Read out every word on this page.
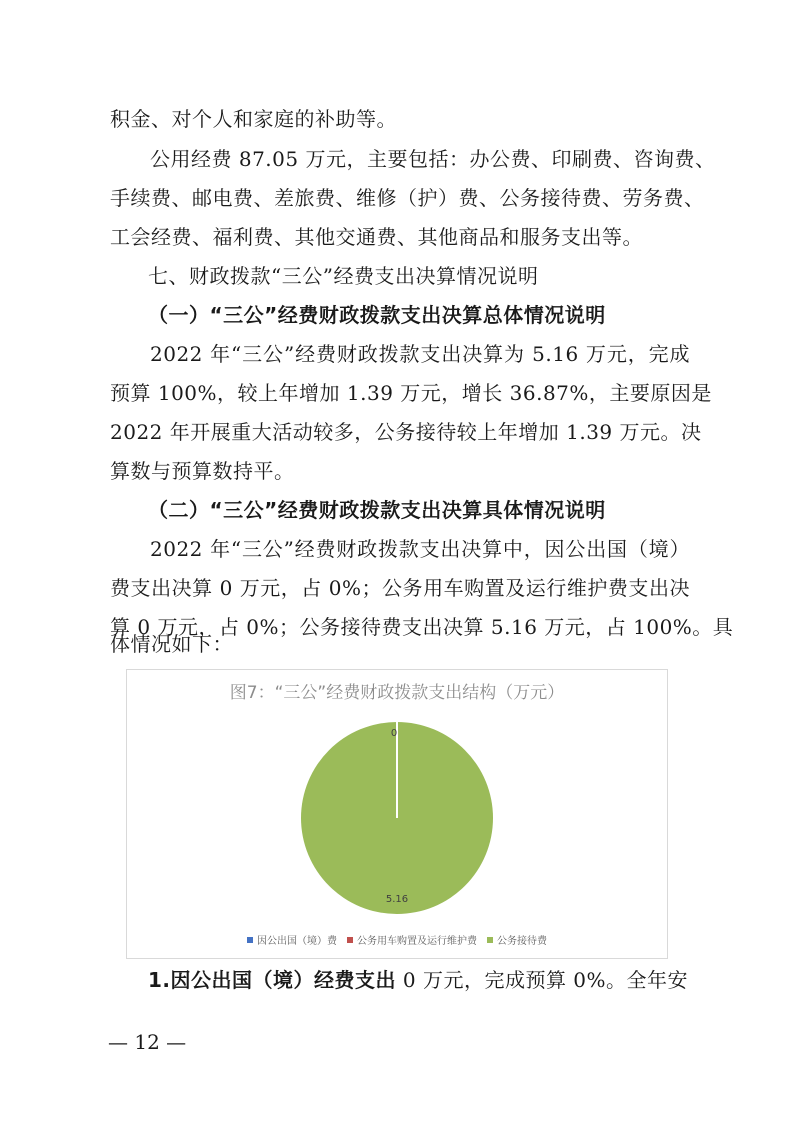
积金、对个人和家庭的补助等。
公用经费 87.05 万元，主要包括：办公费、印刷费、咨询费、
手续费、邮电费、差旅费、维修（护）费、公务接待费、劳务费、
工会经费、福利费、其他交通费、其他商品和服务支出等。
七、财政拨款“三公”经费支出决算情况说明
（一）“三公”经费财政拨款支出决算总体情况说明
2022 年“三公”经费财政拨款支出决算为 5.16 万元，完成
预算 100%，较上年增加 1.39 万元，增长 36.87%，主要原因是
2022 年开展重大活动较多，公务接待较上年增加 1.39 万元。决
算数与预算数持平。
（二）“三公”经费财政拨款支出决算具体情况说明
2022 年“三公”经费财政拨款支出决算中，因公出国（境）
费支出决算 0 万元，占 0%；公务用车购置及运行维护费支出决
算 0 万元，占 0%；公务接待费支出决算 5.16 万元，占 100%。具
体情况如下：
图7：“三公”经费财政拨款支出结构（万元）
0
5.16
因公出国（境）费 公务用车购置及运行维护费 公务接待费
1.因公出国（境）经费支出 0 万元，完成预算 0%。全年安
— 12 —
